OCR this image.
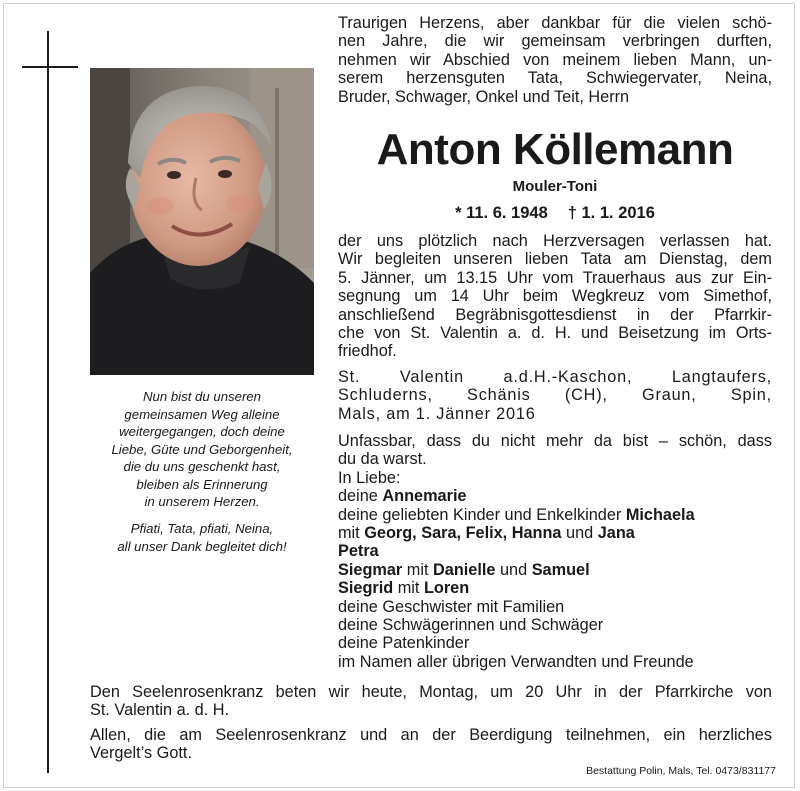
Nun bist du unseren
gemeinsamen Weg alleine
weitergegangen, doch deine
Liebe, Güte und Geborgenheit,
die du uns geschenkt hast,
bleiben als Erinnerung
in unserem Herzen.
Pfiati, Tata, pfiati, Neina,
all unser Dank begleitet dich!
Traurigen Herzens, aber dankbar für die vielen schö-
nen Jahre, die wir gemeinsam verbringen durften,
nehmen wir Abschied von meinem lieben Mann, un-
serem herzensguten Tata, Schwiegervater, Neina,
Bruder, Schwager, Onkel und Teit, Herrn
Anton Köllemann
Mouler-Toni
* 11. 6. 1948 † 1. 1. 2016
der uns plötzlich nach Herzversagen verlassen hat.
Wir begleiten unseren lieben Tata am Dienstag, dem
5. Jänner, um 13.15 Uhr vom Trauerhaus aus zur Ein-
segnung um 14 Uhr beim Wegkreuz vom Simethof,
anschließend Begräbnisgottesdienst in der Pfarrkir-
che von St. Valentin a. d. H. und Beisetzung im Orts-
friedhof.
St. Valentin a.d.H.-Kaschon, Langtaufers,
Schluderns, Schänis (CH), Graun, Spin,
Mals, am 1. Jänner 2016
Unfassbar, dass du nicht mehr da bist – schön, dass
du da warst.
In Liebe:
deine Annemarie
deine geliebten Kinder und Enkelkinder Michaela
mit Georg, Sara, Felix, Hanna und Jana
Petra
Siegmar mit Danielle und Samuel
Siegrid mit Loren
deine Geschwister mit Familien
deine Schwägerinnen und Schwäger
deine Patenkinder
im Namen aller übrigen Verwandten und Freunde
Den Seelenrosenkranz beten wir heute, Montag, um 20 Uhr in der Pfarrkirche von
St. Valentin a. d. H.
Allen, die am Seelenrosenkranz und an der Beerdigung teilnehmen, ein herzliches
Vergelt’s Gott.
Bestattung Polin, Mals, Tel. 0473/831177
